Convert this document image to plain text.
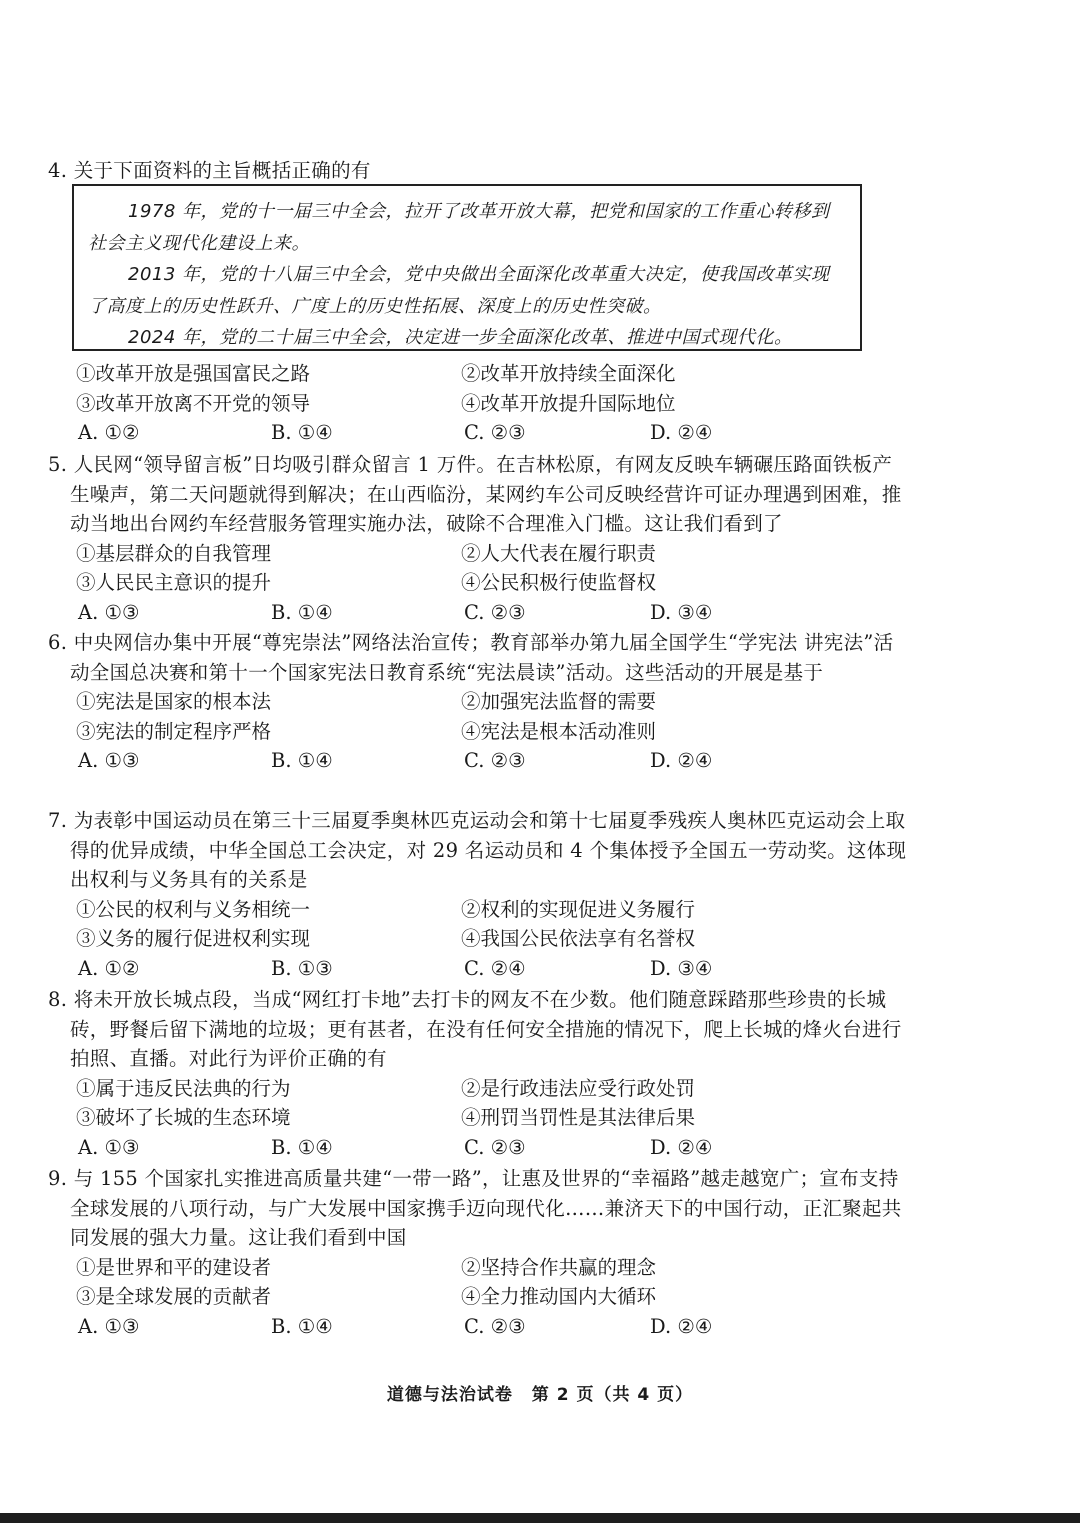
4. 关于下面资料的主旨概括正确的有

1978 年，党的十一届三中全会，拉开了改革开放大幕，把党和国家的工作重心转移到社会主义现代化建设上来。

2013 年，党的十八届三中全会，党中央做出全面深化改革重大决定，使我国改革实现了高度上的历史性跃升、广度上的历史性拓展、深度上的历史性突破。

2024 年，党的二十届三中全会，决定进一步全面深化改革、推进中国式现代化。

①改革开放是强国富民之路	②改革开放持续全面深化
③改革开放离不开党的领导	④改革开放提升国际地位
A. ①②	B. ①④	C. ②③	D. ②④
5. 人民网“领导留言板”日均吸引群众留言 1 万件。在吉林松原，有网友反映车辆碾压路面铁板产生噪声，第二天问题就得到解决；在山西临汾，某网约车公司反映经营许可证办理遇到困难，推动当地出台网约车经营服务管理实施办法，破除不合理准入门槛。这让我们看到了
①基层群众的自我管理	②人大代表在履行职责
③人民民主意识的提升	④公民积极行使监督权
A. ①③	B. ①④	C. ②③	D. ③④
6. 中央网信办集中开展“尊宪崇法”网络法治宣传；教育部举办第九届全国学生“学宪法 讲宪法”活动全国总决赛和第十一个国家宪法日教育系统“宪法晨读”活动。这些活动的开展是基于
①宪法是国家的根本法	②加强宪法监督的需要
③宪法的制定程序严格	④宪法是根本活动准则
A. ①③	B. ①④	C. ②③	D. ②④
7. 为表彰中国运动员在第三十三届夏季奥林匹克运动会和第十七届夏季残疾人奥林匹克运动会上取得的优异成绩，中华全国总工会决定，对 29 名运动员和 4 个集体授予全国五一劳动奖。这体现出权利与义务具有的关系是
①公民的权利与义务相统一	②权利的实现促进义务履行
③义务的履行促进权利实现	④我国公民依法享有名誉权
A. ①②	B. ①③	C. ②④	D. ③④
8. 将未开放长城点段，当成“网红打卡地”去打卡的网友不在少数。他们随意踩踏那些珍贵的长城砖，野餐后留下满地的垃圾；更有甚者，在没有任何安全措施的情况下，爬上长城的烽火台进行拍照、直播。对此行为评价正确的有
①属于违反民法典的行为	②是行政违法应受行政处罚
③破坏了长城的生态环境	④刑罚当罚性是其法律后果
A. ①③	B. ①④	C. ②③	D. ②④
9. 与 155 个国家扎实推进高质量共建“一带一路”，让惠及世界的“幸福路”越走越宽广；宣布支持全球发展的八项行动，与广大发展中国家携手迈向现代化……兼济天下的中国行动，正汇聚起共同发展的强大力量。这让我们看到中国
①是世界和平的建设者	②坚持合作共赢的理念
③是全球发展的贡献者	④全力推动国内大循环
A. ①③	B. ①④	C. ②③	D. ②④
道德与法治试卷 第 2 页（共 4 页）
